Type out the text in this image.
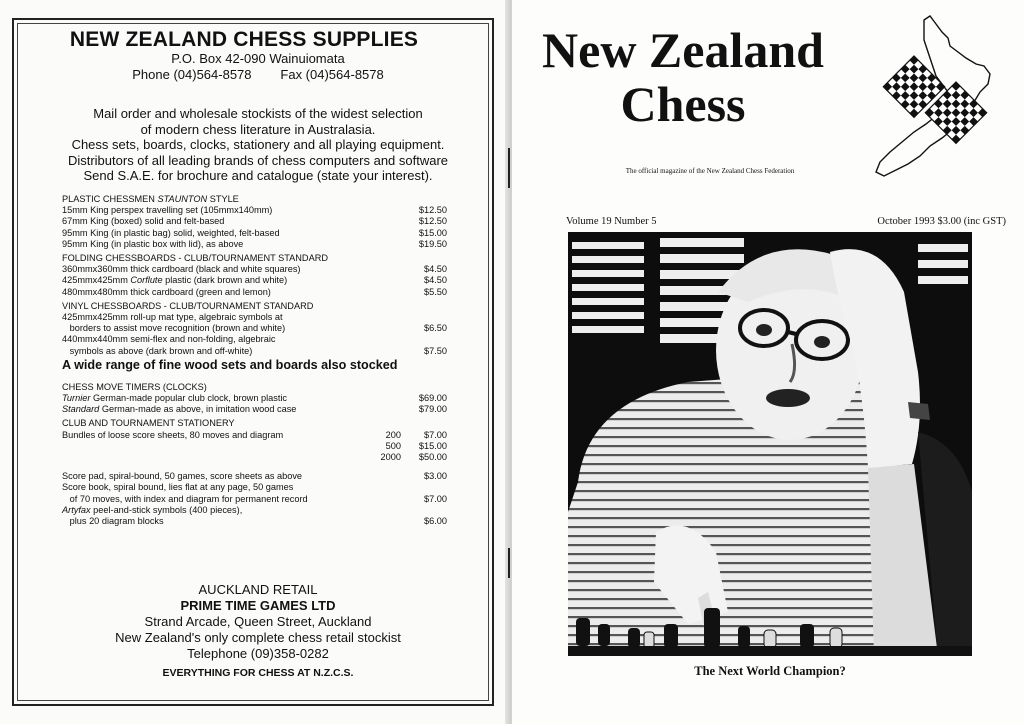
NEW ZEALAND CHESS SUPPLIES
P.O. Box 42-090 Wainuiomata
Phone (04)564-8578        Fax (04)564-8578
Mail order and wholesale stockists of the widest selection
of modern chess literature in Australasia.
Chess sets, boards, clocks, stationery and all playing equipment.
Distributors of all leading brands of chess computers and software
Send S.A.E. for brochure and catalogue (state your interest).
PLASTIC CHESSMEN STAUNTON STYLE
15mm King perspex travelling set (105mmx140mm)	$12.50
67mm King (boxed) solid and felt-based	$12.50
95mm King (in plastic bag) solid, weighted, felt-based	$15.00
95mm King (in plastic box with lid), as above	$19.50
FOLDING CHESSBOARDS - CLUB/TOURNAMENT STANDARD
360mmx360mm thick cardboard (black and white squares)	$4.50
425mmx425mm Corflute plastic (dark brown and white)	$4.50
480mmx480mm thick cardboard (green and lemon)	$5.50
VINYL CHESSBOARDS - CLUB/TOURNAMENT STANDARD
425mmx425mm roll-up mat type, algebraic symbols at
borders to assist move recognition (brown and white)	$6.50
440mmx440mm semi-flex and non-folding, algebraic
symbols as above (dark brown and off-white)	$7.50
A wide range of fine wood sets and boards also stocked
CHESS MOVE TIMERS (CLOCKS)
Turnier German-made popular club clock, brown plastic	$69.00
Standard German-made as above, in imitation wood case	$79.00
CLUB AND TOURNAMENT STATIONERY
Bundles of loose score sheets, 80 moves and diagram	200	$7.00
500	$15.00
2000	$50.00
Score pad, spiral-bound, 50 games, score sheets as above	$3.00
Score book, spiral bound, lies flat at any page, 50 games
of 70 moves, with index and diagram for permanent record	$7.00
Artyfax peel-and-stick symbols (400 pieces),
plus 20 diagram blocks	$6.00
AUCKLAND RETAIL
PRIME TIME GAMES LTD
Strand Arcade, Queen Street, Auckland
New Zealand's only complete chess retail stockist
Telephone (09)358-0282
EVERYTHING FOR CHESS AT N.Z.C.S.
New Zealand
Chess
The official magazine of the New Zealand Chess Federation
Volume 19 Number 5	October 1993 $3.00 (inc GST)
The Next World Champion?
